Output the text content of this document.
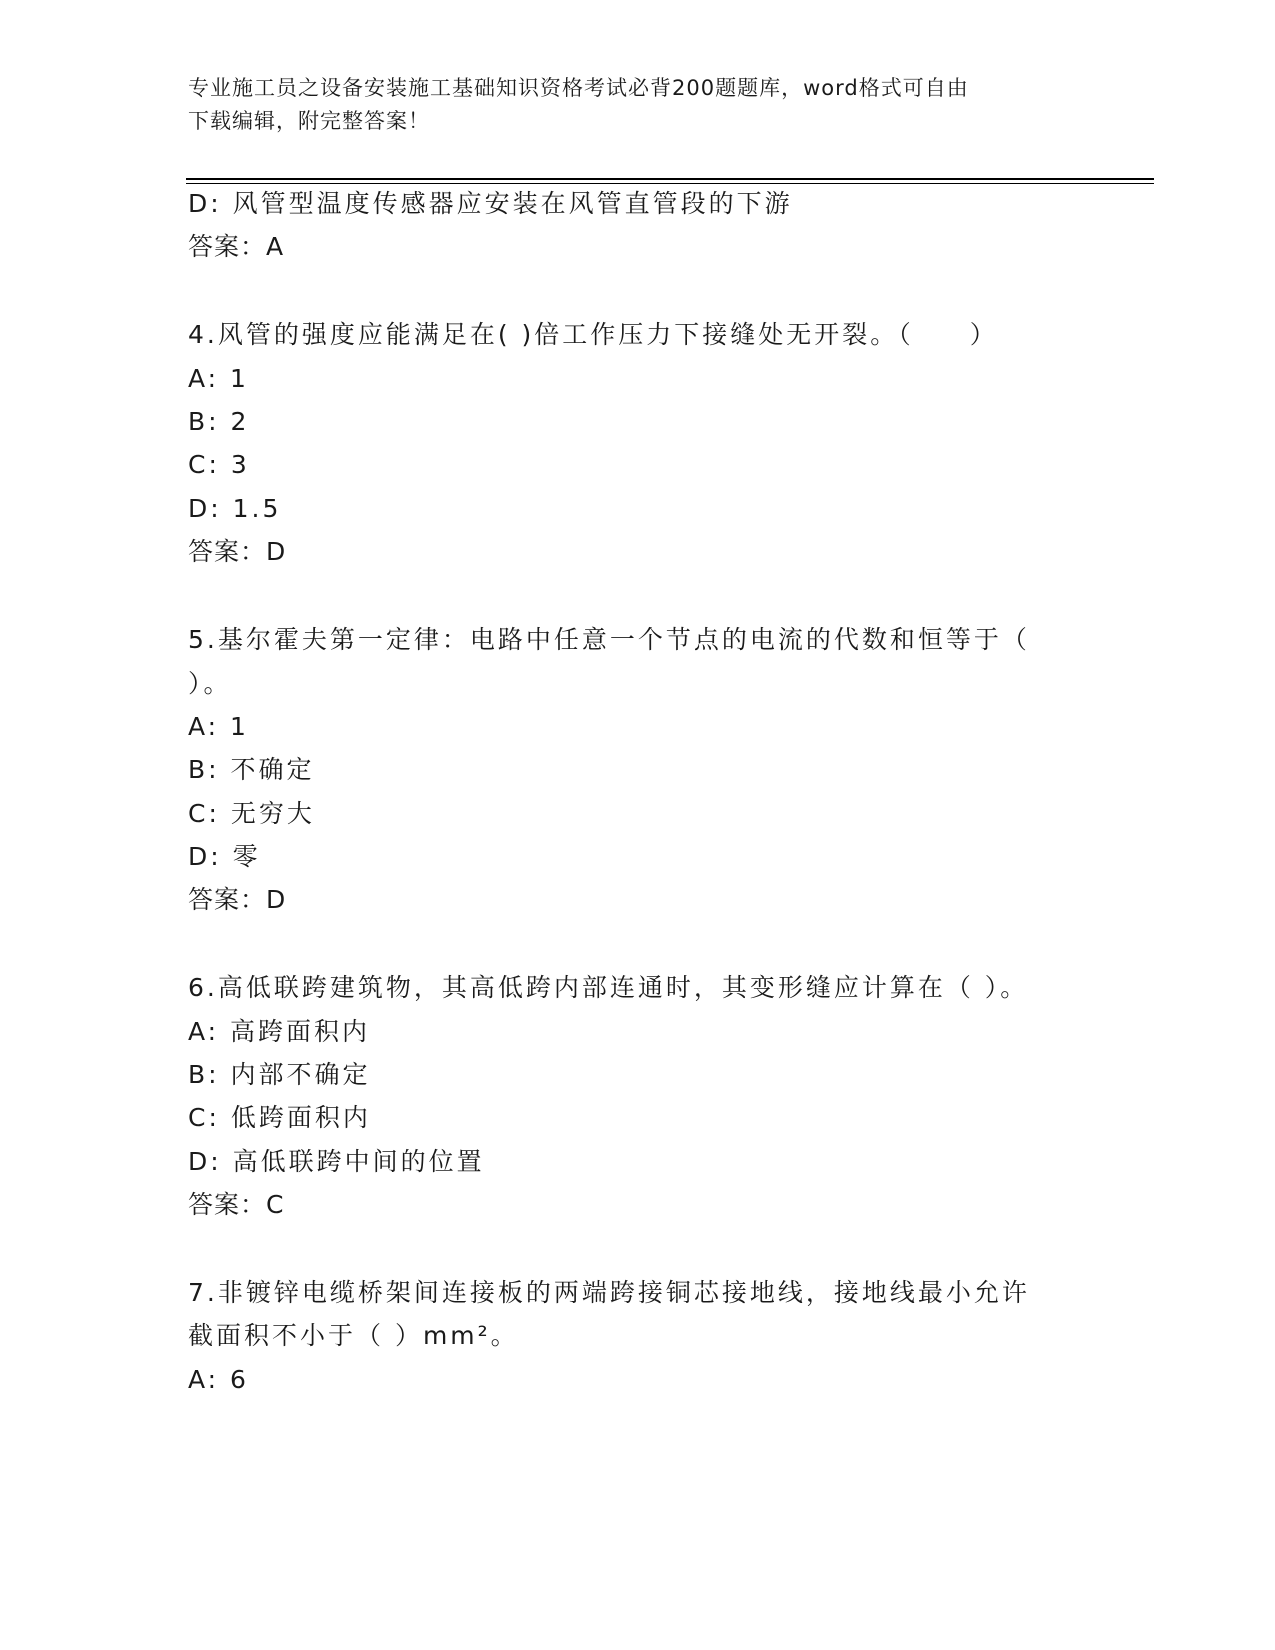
专业施工员之设备安装施工基础知识资格考试必背200题题库，word格式可自由
下载编辑，附完整答案！
D: 风管型温度传感器应安装在风管直管段的下游
答案：A
4.风管的强度应能满足在( )倍工作压力下接缝处无开裂。（　　）
A: 1
B: 2
C: 3
D: 1.5
答案：D
5.基尔霍夫第一定律：电路中任意一个节点的电流的代数和恒等于（
）。
A: 1
B: 不确定
C: 无穷大
D: 零
答案：D
6.高低联跨建筑物，其高低跨内部连通时，其变形缝应计算在（ ）。
A: 高跨面积内
B: 内部不确定
C: 低跨面积内
D: 高低联跨中间的位置
答案：C
7.非镀锌电缆桥架间连接板的两端跨接铜芯接地线，接地线最小允许
截面积不小于（ ）mm²。
A: 6
